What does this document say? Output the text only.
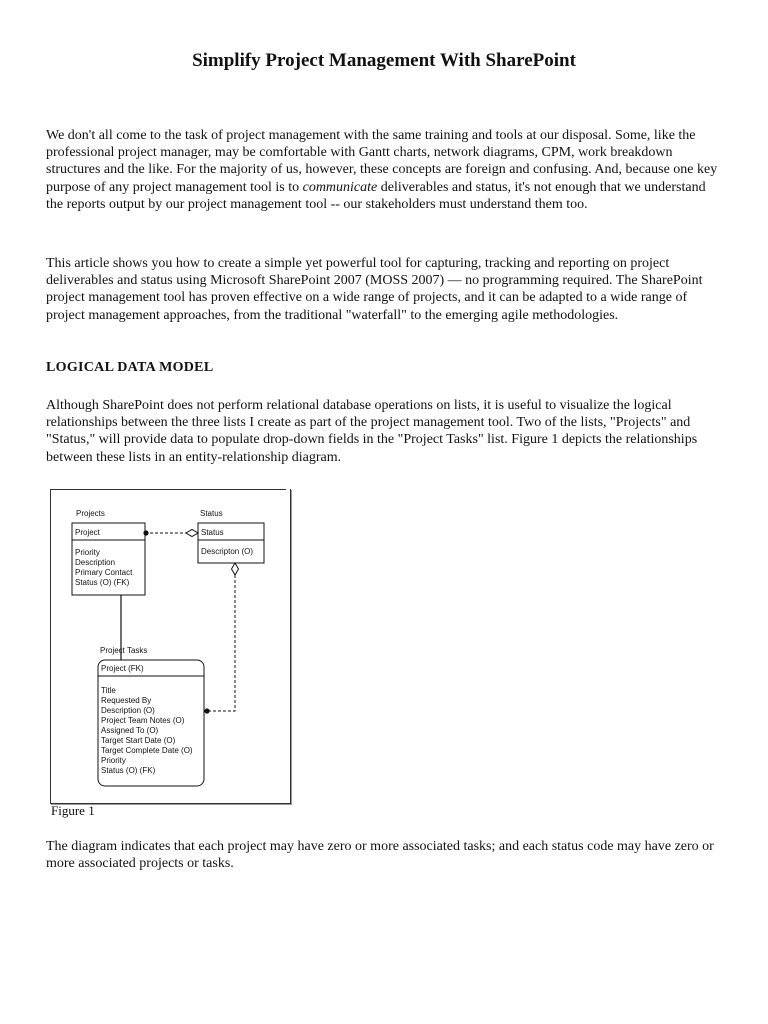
Simplify Project Management With SharePoint

We don't all come to the task of project management with the same training and tools at our disposal. Some, like the professional project manager, may be comfortable with Gantt charts, network diagrams, CPM, work breakdown structures and the like. For the majority of us, however, these concepts are foreign and confusing. And, because one key purpose of any project management tool is to communicate deliverables and status, it's not enough that we understand the reports output by our project management tool -- our stakeholders must understand them too.

This article shows you how to create a simple yet powerful tool for capturing, tracking and reporting on project deliverables and status using Microsoft SharePoint 2007 (MOSS 2007) — no programming required. The SharePoint project management tool has proven effective on a wide range of projects, and it can be adapted to a wide range of project management approaches, from the traditional "waterfall" to the emerging agile methodologies.

LOGICAL DATA MODEL

Although SharePoint does not perform relational database operations on lists, it is useful to visualize the logical relationships between the three lists I create as part of the project management tool. Two of the lists, "Projects" and "Status," will provide data to populate drop-down fields in the "Project Tasks" list. Figure 1 depicts the relationships between these lists in an entity-relationship diagram.

Projects
Project
Priority
Description
Primary Contact
Status (O) (FK)
Status
Status
Descripton (O)
Project Tasks
Project (FK)
Title
Requested By
Description (O)
Project Team Notes (O)
Assigned To (O)
Target Start Date (O)
Target Complete Date (O)
Priority
Status (O) (FK)

Figure 1

The diagram indicates that each project may have zero or more associated tasks; and each status code may have zero or more associated projects or tasks.
